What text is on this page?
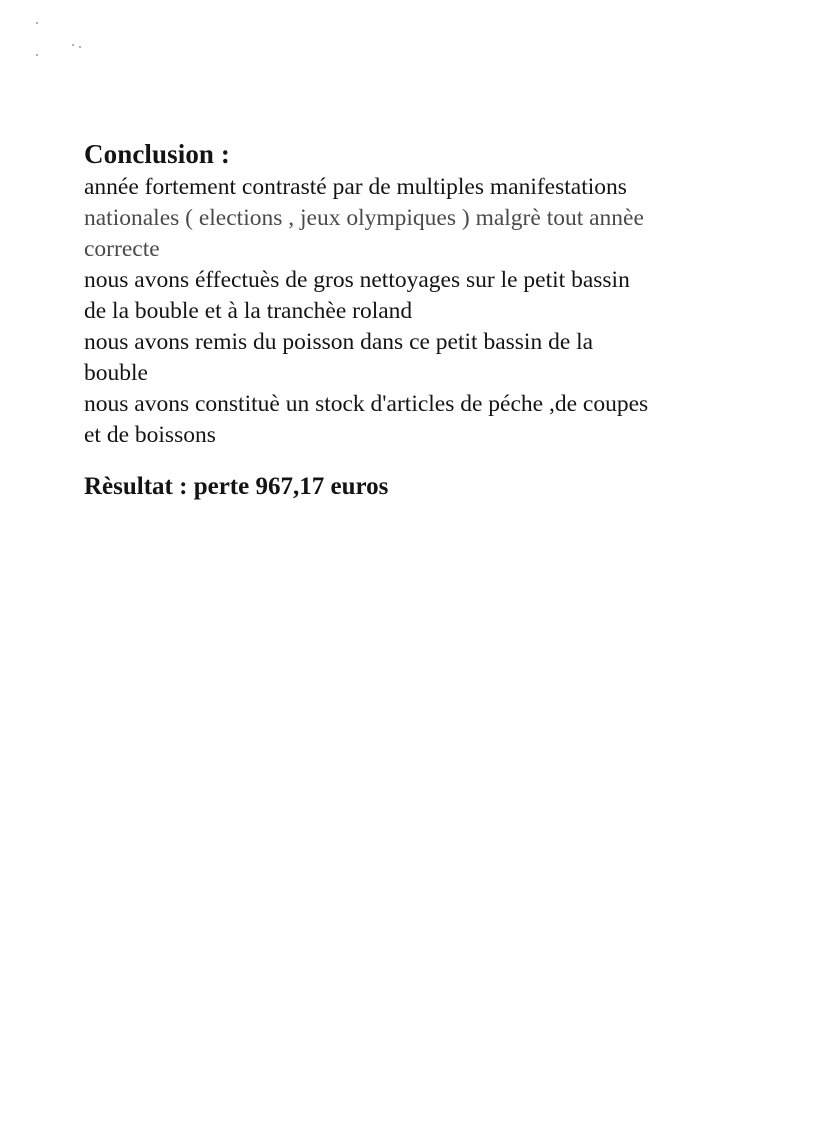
Conclusion :

année fortement contrasté par de multiples manifestations
nationales ( elections , jeux olympiques ) malgrè tout annèe
correcte
nous avons éffectuès de gros nettoyages sur le petit bassin
de la bouble et à la tranchèe roland
nous avons remis du poisson dans ce petit bassin de la
bouble
nous avons constituè un stock d'articles de péche ,de coupes
et de boissons

Rèsultat : perte 967,17 euros
